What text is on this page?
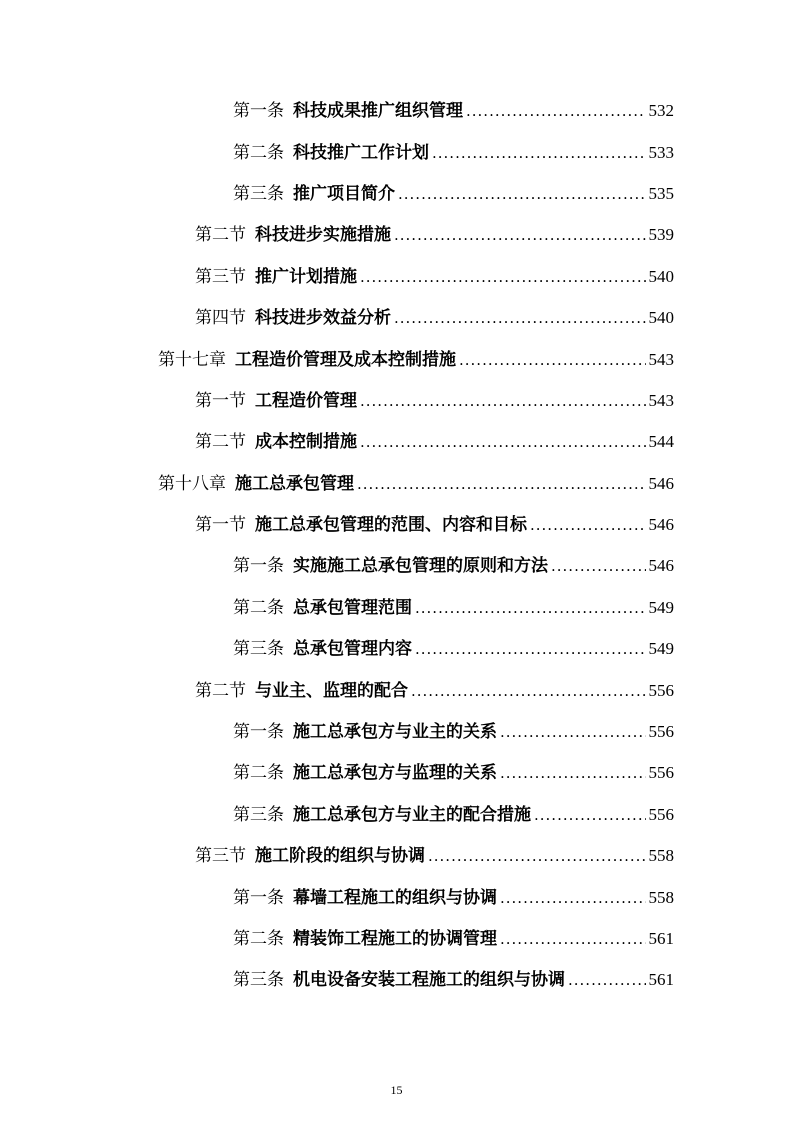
第一条 科技成果推广组织管理 .....	532
第二条 科技推广工作计划 .....	533
第三条 推广项目简介 .....	535
第二节 科技进步实施措施 .....	539
第三节 推广计划措施 .....	540
第四节 科技进步效益分析 .....	540
第十七章 工程造价管理及成本控制措施 .....	543
第一节 工程造价管理 .....	543
第二节 成本控制措施 .....	544
第十八章 施工总承包管理 .....	546
第一节 施工总承包管理的范围、内容和目标 .....	546
第一条 实施施工总承包管理的原则和方法 .....	546
第二条 总承包管理范围 .....	549
第三条 总承包管理内容 .....	549
第二节 与业主、监理的配合 .....	556
第一条 施工总承包方与业主的关系 .....	556
第二条 施工总承包方与监理的关系 .....	556
第三条 施工总承包方与业主的配合措施 .....	556
第三节 施工阶段的组织与协调 .....	558
第一条 幕墙工程施工的组织与协调 .....	558
第二条 精装饰工程施工的协调管理 .....	561
第三条 机电设备安装工程施工的组织与协调 .....	561
15
